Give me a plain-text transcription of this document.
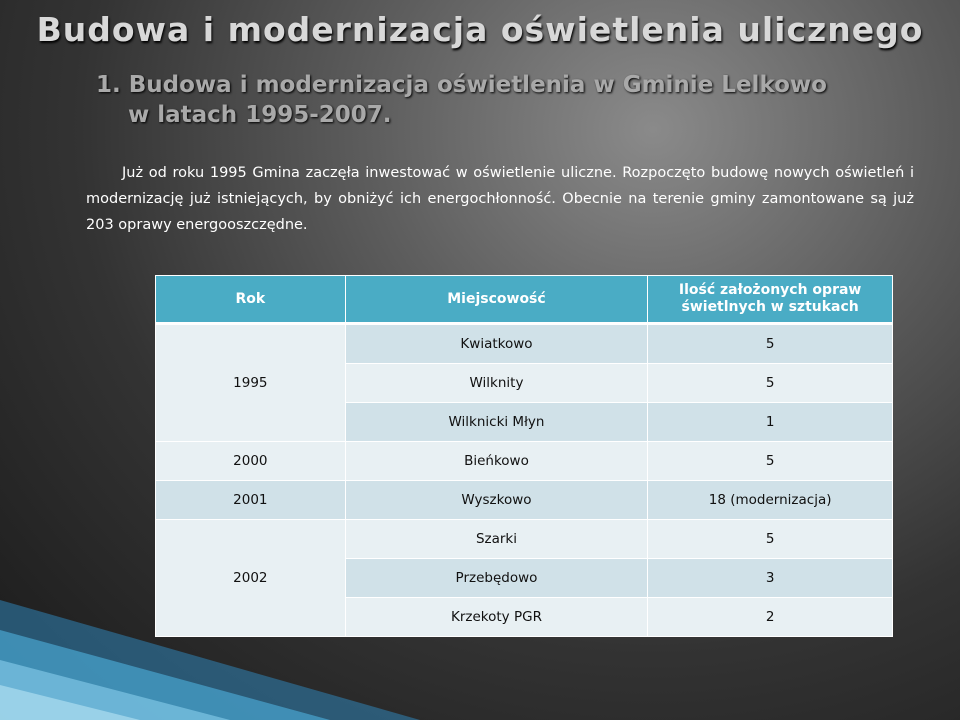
Budowa i modernizacja oświetlenia ulicznego
1. Budowa i modernizacja oświetlenia w Gminie Lelkowo
w latach 1995-2007.

Już od roku 1995 Gmina zaczęła inwestować w oświetlenie uliczne. Rozpoczęto budowę nowych oświetleń i modernizację już istniejących, by obniżyć ich energochłonność. Obecnie na terenie gminy zamontowane są już 203 oprawy energooszczędne.

Rok	Miejscowość	Ilość założonych opraw świetlnych w sztukach
1995	Kwiatkowo	5
	Wilknity	5
	Wilknicki Młyn	1
2000	Bieńkowo	5
2001	Wyszkowo	18 (modernizacja)
2002	Szarki	5
	Przebędowo	3
	Krzekoty PGR	2
